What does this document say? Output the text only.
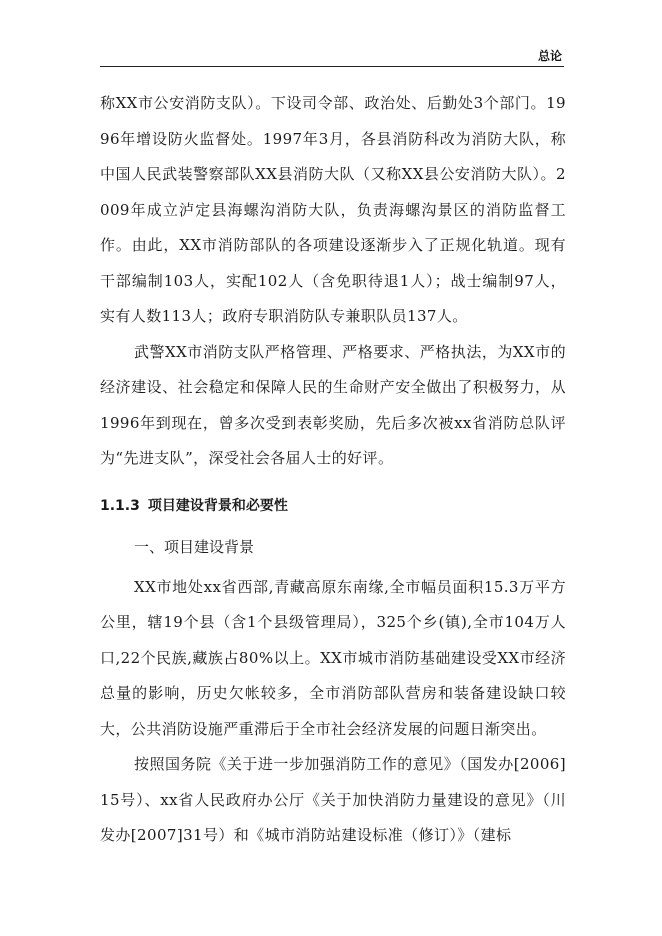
总论

称XX市公安消防支队）。下设司令部、政治处、后勤处3个部门。1996年增设防火监督处。1997年3月，各县消防科改为消防大队，称中国人民武装警察部队XX县消防大队（又称XX县公安消防大队）。2009年成立泸定县海螺沟消防大队，负责海螺沟景区的消防监督工作。由此，XX市消防部队的各项建设逐渐步入了正规化轨道。现有干部编制103人，实配102人（含免职待退1人）；战士编制97人，实有人数113人；政府专职消防队专兼职队员137人。

武警XX市消防支队严格管理、严格要求、严格执法，为XX市的经济建设、社会稳定和保障人民的生命财产安全做出了积极努力，从1996年到现在，曾多次受到表彰奖励，先后多次被xx省消防总队评为“先进支队”，深受社会各届人士的好评。

1.1.3 项目建设背景和必要性
一、项目建设背景

XX市地处xx省西部,青藏高原东南缘,全市幅员面积15.3万平方公里，辖19个县（含1个县级管理局），325个乡(镇),全市104万人口,22个民族,藏族占80%以上。XX市城市消防基础建设受XX市经济总量的影响，历史欠帐较多，全市消防部队营房和装备建设缺口较大，公共消防设施严重滞后于全市社会经济发展的问题日渐突出。

按照国务院《关于进一步加强消防工作的意见》（国发办[2006]15号）、xx省人民政府办公厅《关于加快消防力量建设的意见》（川发办[2007]31号）和《城市消防站建设标准（修订）》（建标
